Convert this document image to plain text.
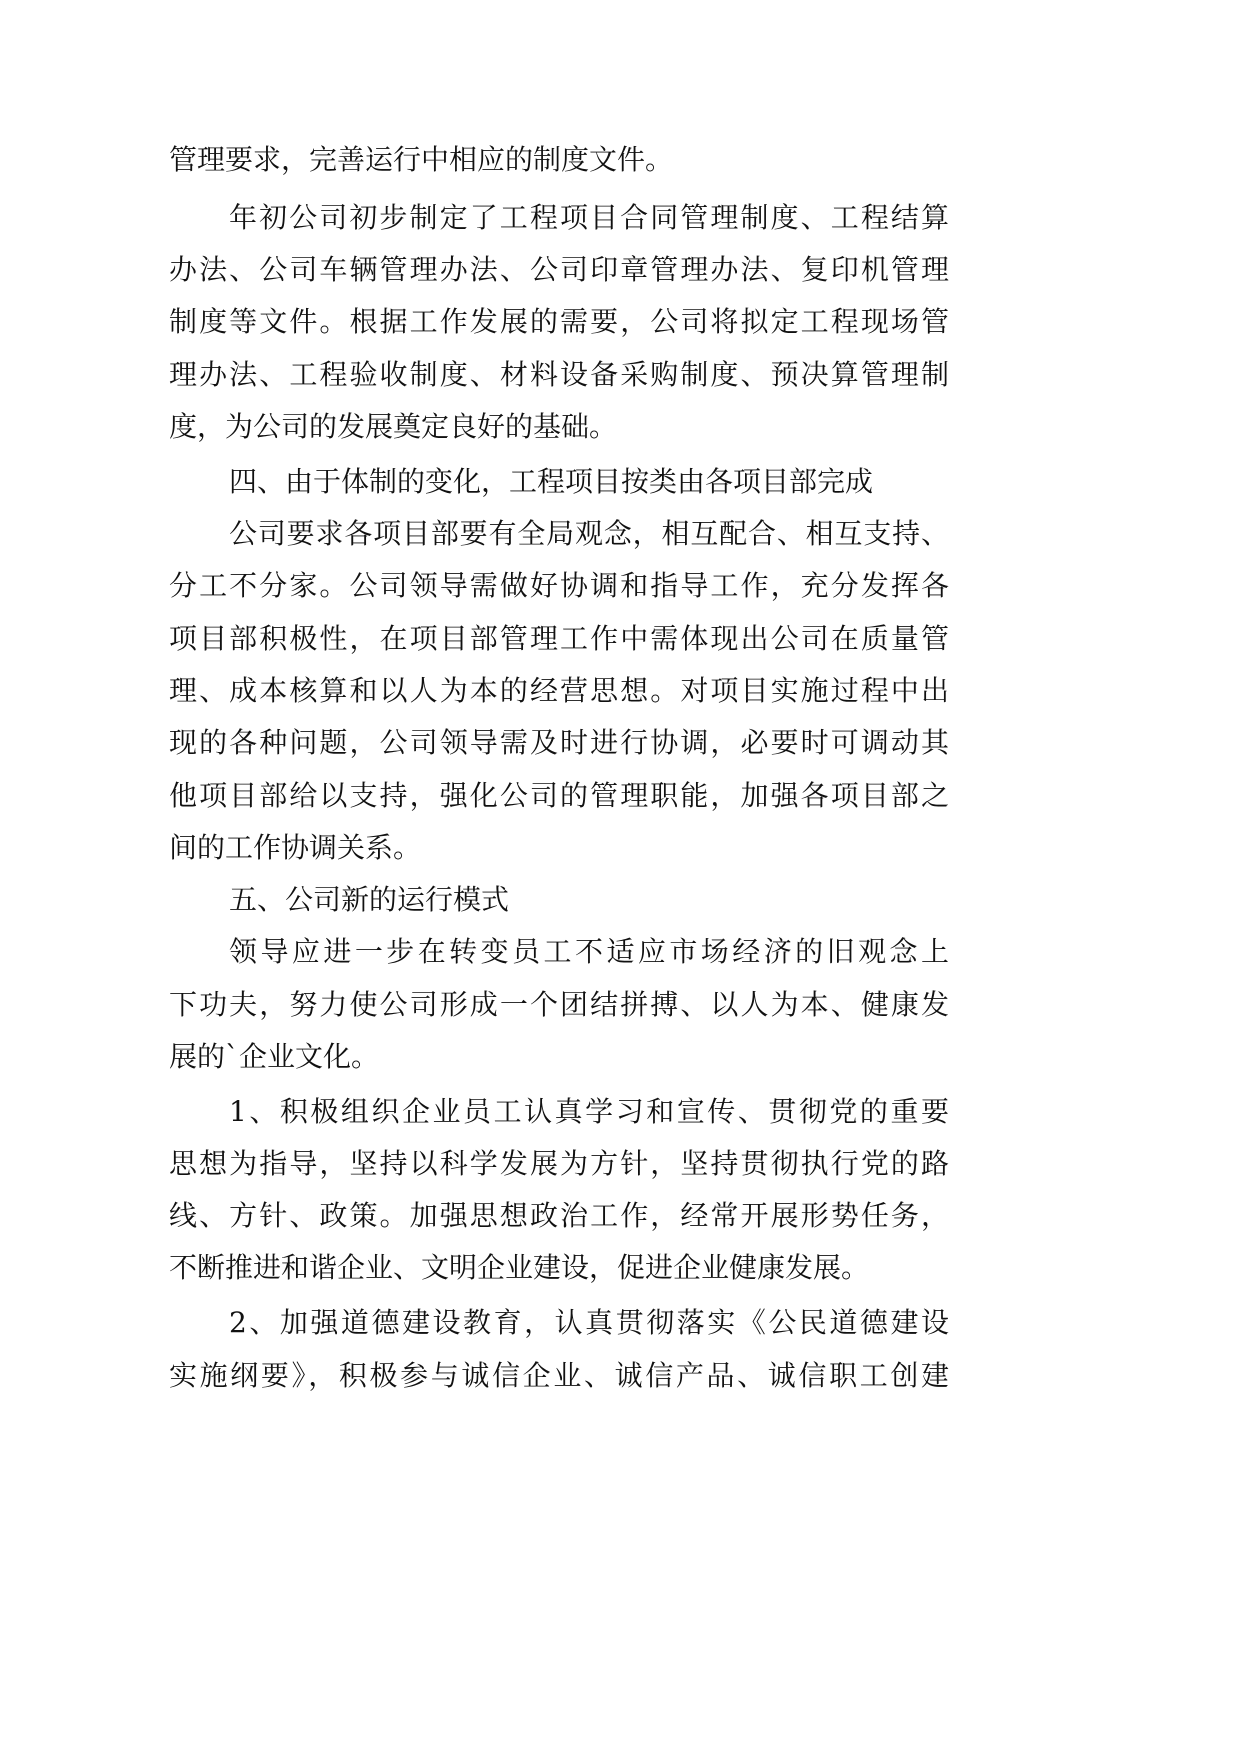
管理要求，完善运行中相应的制度文件。

年初公司初步制定了工程项目合同管理制度、工程结算

办法、公司车辆管理办法、公司印章管理办法、复印机管理

制度等文件。根据工作发展的需要，公司将拟定工程现场管

理办法、工程验收制度、材料设备采购制度、预决算管理制

度，为公司的发展奠定良好的基础。

四、由于体制的变化，工程项目按类由各项目部完成

公司要求各项目部要有全局观念，相互配合、相互支持、

分工不分家。公司领导需做好协调和指导工作，充分发挥各

项目部积极性，在项目部管理工作中需体现出公司在质量管

理、成本核算和以人为本的经营思想。对项目实施过程中出

现的各种问题，公司领导需及时进行协调，必要时可调动其

他项目部给以支持，强化公司的管理职能，加强各项目部之

间的工作协调关系。

五、公司新的运行模式

领导应进一步在转变员工不适应市场经济的旧观念上

下功夫，努力使公司形成一个团结拼搏、以人为本、健康发

展的`企业文化。

1、积极组织企业员工认真学习和宣传、贯彻党的重要

思想为指导，坚持以科学发展为方针，坚持贯彻执行党的路

线、方针、政策。加强思想政治工作，经常开展形势任务，

不断推进和谐企业、文明企业建设，促进企业健康发展。

2、加强道德建设教育，认真贯彻落实《公民道德建设

实施纲要》，积极参与诚信企业、诚信产品、诚信职工创建
